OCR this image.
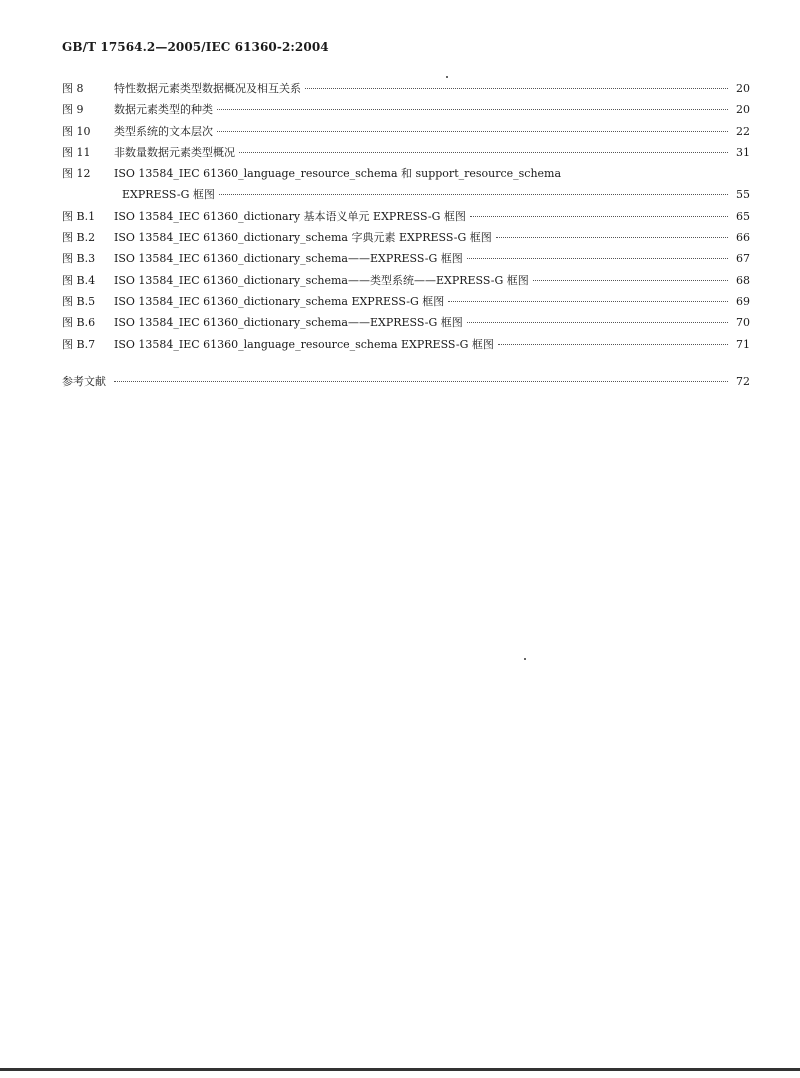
GB/T 17564.2—2005/IEC 61360-2:2004
图 8	特性数据元素类型数据概况及相互关系	20
图 9	数据元素类型的种类	20
图 10	类型系统的文本层次	22
图 11	非数量数据元素类型概况	31
图 12	ISO 13584_IEC 61360_language_resource_schema 和 support_resource_schema
EXPRESS-G 框图	55
图 B.1	ISO 13584_IEC 61360_dictionary 基本语义单元 EXPRESS-G 框图	65
图 B.2	ISO 13584_IEC 61360_dictionary_schema 字典元素 EXPRESS-G 框图	66
图 B.3	ISO 13584_IEC 61360_dictionary_schema——EXPRESS-G 框图	67
图 B.4	ISO 13584_IEC 61360_dictionary_schema——类型系统——EXPRESS-G 框图	68
图 B.5	ISO 13584_IEC 61360_dictionary_schema EXPRESS-G 框图	69
图 B.6	ISO 13584_IEC 61360_dictionary_schema——EXPRESS-G 框图	70
图 B.7	ISO 13584_IEC 61360_language_resource_schema EXPRESS-G 框图	71
参考文献	72
